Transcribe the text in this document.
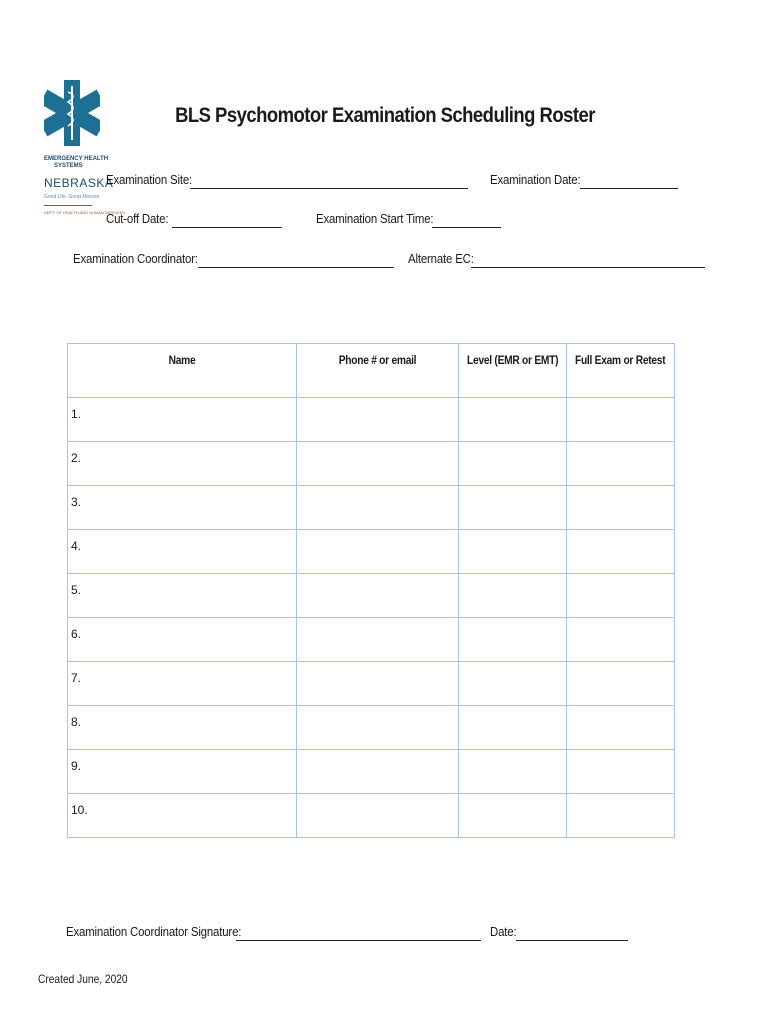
EMERGENCY HEALTH
SYSTEMS
NEBRASKA
Good Life. Great Mission.
DEPT. OF HEALTH AND HUMAN SERVICES
BLS Psychomotor Examination Scheduling Roster
Examination Site:	Examination Date:
Cut-off Date:	Examination Start Time:
Examination Coordinator:	Alternate EC:
Name	Phone # or email	Level (EMR or EMT)	Full Exam or Retest

1.			

2.			

3.			

4.			

5.			

6.			

7.			

8.			

9.			

10.			

Examination Coordinator Signature:	Date:
Created June, 2020
